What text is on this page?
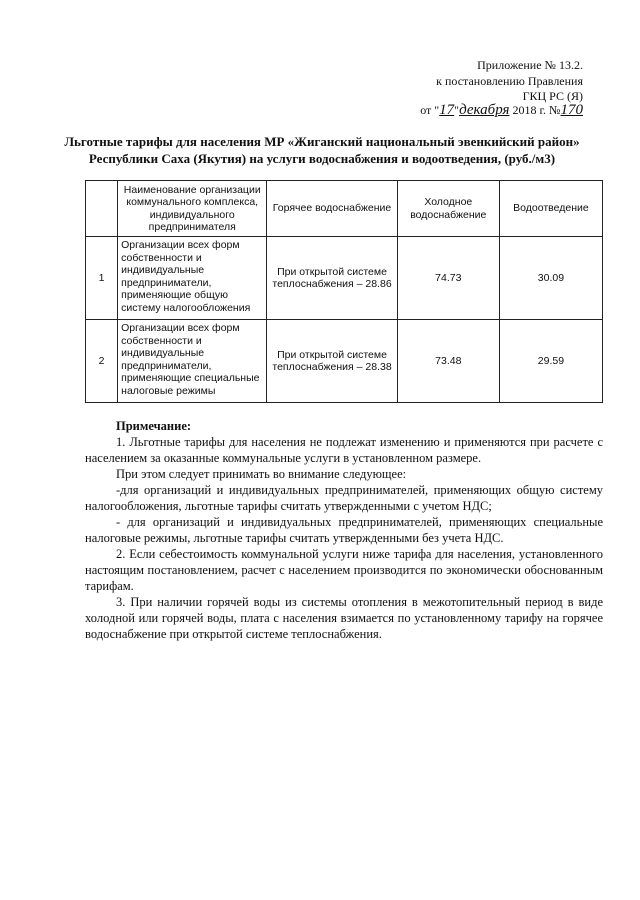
Приложение № 13.2.
к постановлению Правления
ГКЦ РС (Я)
от "17"декабря 2018 г. №170
Льготные тарифы для населения МР «Жиганский национальный эвенкийский район» Республики Саха (Якутия) на услуги водоснабжения и водоотведения, (руб./м3)
	Наименование организации коммунального комплекса, индивидуального предпринимателя	Горячее водоснабжение	Холодное водоснабжение	Водоотведение
1	Организации всех форм собственности и индивидуальные предприниматели, применяющие общую систему налогообложения	При открытой системе теплоснабжения – 28.86	74.73	30.09
2	Организации всех форм собственности и индивидуальные предприниматели, применяющие специальные налоговые режимы	При открытой системе теплоснабжения – 28.38	73.48	29.59

Примечание:

1. Льготные тарифы для населения не подлежат изменению и применяются при расчете с населением за оказанные коммунальные услуги в установленном размере.

При этом следует принимать во внимание следующее:

-для организаций и индивидуальных предпринимателей, применяющих общую систему налогообложения, льготные тарифы считать утвержденными с учетом НДС;

- для организаций и индивидуальных предпринимателей, применяющих специальные налоговые режимы, льготные тарифы считать утвержденными без учета НДС.

2. Если себестоимость коммунальной услуги ниже тарифа для населения, установленного настоящим постановлением, расчет с населением производится по экономически обоснованным тарифам.

3. При наличии горячей воды из системы отопления в межотопительный период в виде холодной или горячей воды, плата с населения взимается по установленному тарифу на горячее водоснабжение при открытой системе теплоснабжения.
